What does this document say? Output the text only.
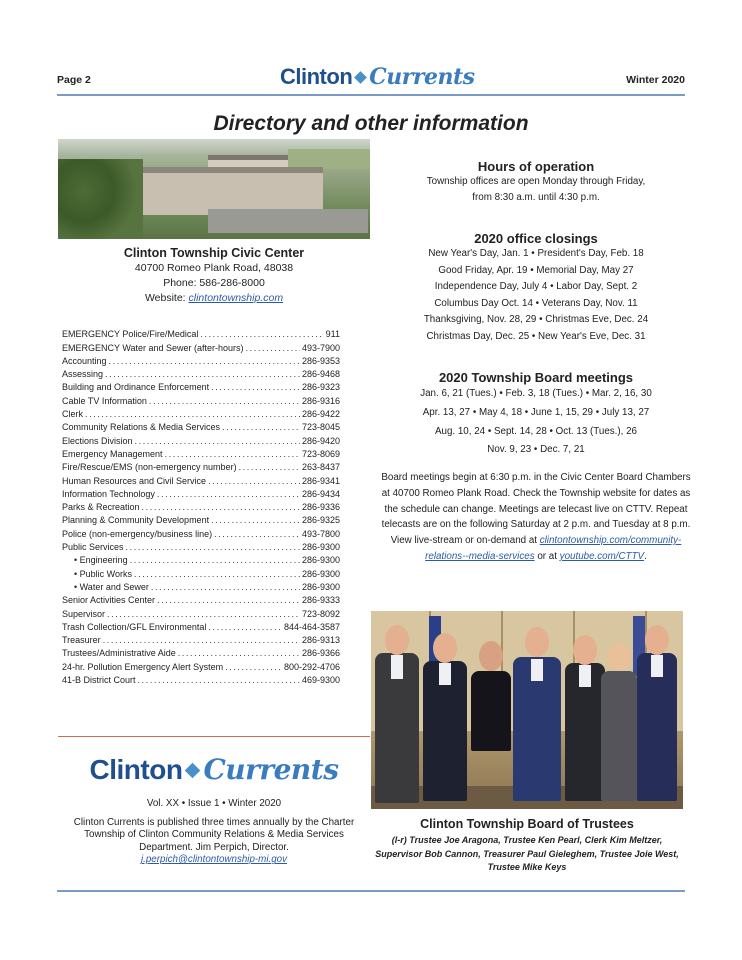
Page 2	Clinton Currents	Winter 2020
Directory and other information
Clinton Township Civic Center
40700 Romeo Plank Road, 48038
Phone: 586-286-8000
Website: clintontownship.com
EMERGENCY Police/Fire/Medical .....	911
EMERGENCY Water and Sewer (after-hours) .....	493-7900
Accounting .....	286-9353
Assessing .....	286-9468
Building and Ordinance Enforcement .....	286-9323
Cable TV Information .....	286-9316
Clerk .....	286-9422
Community Relations & Media Services .....	723-8045
Elections Division .....	286-9420
Emergency Management .....	723-8069
Fire/Rescue/EMS (non-emergency number) .....	263-8437
Human Resources and Civil Service .....	286-9341
Information Technology .....	286-9434
Parks & Recreation .....	286-9336
Planning & Community Development .....	286-9325
Police (non-emergency/business line) .....	493-7800
Public Services .....	286-9300
• Engineering .....	286-9300
• Public Works .....	286-9300
• Water and Sewer .....	286-9300
Senior Activities Center .....	286-9333
Supervisor .....	723-8092
Trash Collection/GFL Environmental .....	844-464-3587
Treasurer .....	286-9313
Trustees/Administrative Aide .....	286-9366
24-hr. Pollution Emergency Alert System .....	800-292-4706
41-B District Court .....	469-9300
Clinton Currents
Vol. XX • Issue 1 • Winter 2020
Clinton Currents is published three times annually by the Charter Township of Clinton Community Relations & Media Services Department. Jim Perpich, Director.
j.perpich@clintontownship-mi.gov
Hours of operation
Township offices are open Monday through Friday,
from 8:30 a.m. until 4:30 p.m.
2020 office closings
New Year's Day, Jan. 1 • President's Day, Feb. 18
Good Friday, Apr. 19 • Memorial Day, May 27
Independence Day, July 4 • Labor Day, Sept. 2
Columbus Day Oct. 14 • Veterans Day, Nov. 11
Thanksgiving, Nov. 28, 29 • Christmas Eve, Dec. 24
Christmas Day, Dec. 25 • New Year's Eve, Dec. 31
2020 Township Board meetings
Jan. 6, 21 (Tues.) • Feb. 3, 18 (Tues.) • Mar. 2, 16, 30
Apr. 13, 27 • May 4, 18 • June 1, 15, 29 • July 13, 27
Aug. 10, 24 • Sept. 14, 28 • Oct. 13 (Tues.), 26
Nov. 9, 23 • Dec. 7, 21
Board meetings begin at 6:30 p.m. in the Civic Center Board Chambers at 40700 Romeo Plank Road. Check the Township website for dates as the schedule can change. Meetings are telecast live on CTTV. Repeat telecasts are on the following Saturday at 2 p.m. and Tuesday at 8 p.m. View live-stream or on-demand at clintontownship.com/community-relations--media-services or at youtube.com/CTTV.
Clinton Township Board of Trustees
(l-r) Trustee Joe Aragona, Trustee Ken Pearl, Clerk Kim Meltzer, Supervisor Bob Cannon, Treasurer Paul Gieleghem, Trustee Joie West, Trustee Mike Keys
